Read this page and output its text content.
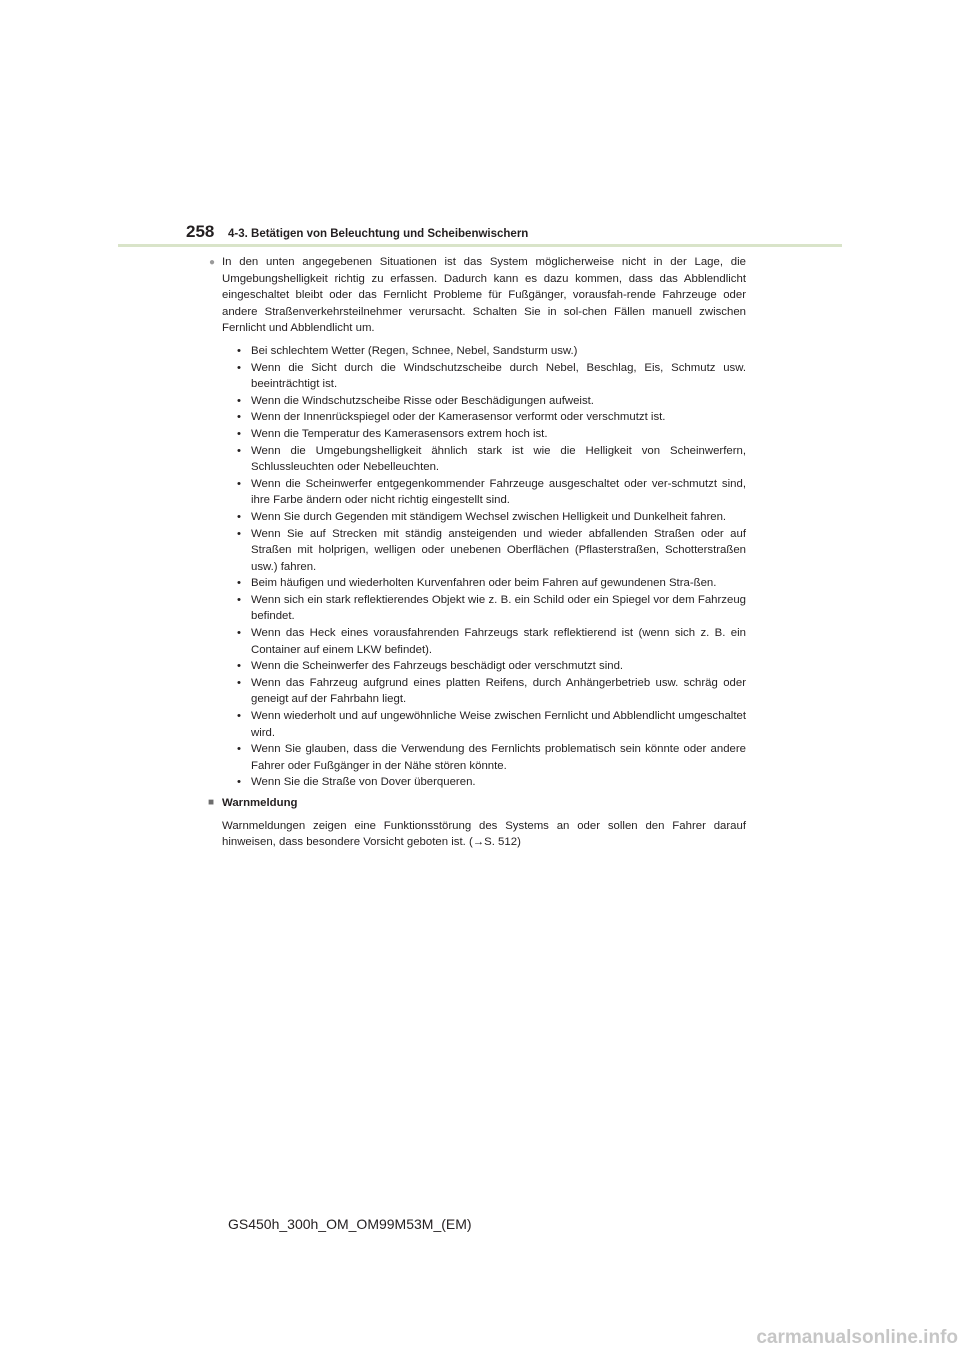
258 4-3. Betätigen von Beleuchtung und Scheibenwischern
● In den unten angegebenen Situationen ist das System möglicherweise nicht in der Lage, die Umgebungshelligkeit richtig zu erfassen. Dadurch kann es dazu kommen, dass das Abblendlicht eingeschaltet bleibt oder das Fernlicht Probleme für Fußgänger, vorausfah-rende Fahrzeuge oder andere Straßenverkehrsteilnehmer verursacht. Schalten Sie in sol-chen Fällen manuell zwischen Fernlicht und Abblendlicht um.
• Bei schlechtem Wetter (Regen, Schnee, Nebel, Sandsturm usw.)
• Wenn die Sicht durch die Windschutzscheibe durch Nebel, Beschlag, Eis, Schmutz usw. beeinträchtigt ist.
• Wenn die Windschutzscheibe Risse oder Beschädigungen aufweist.
• Wenn der Innenrückspiegel oder der Kamerasensor verformt oder verschmutzt ist.
• Wenn die Temperatur des Kamerasensors extrem hoch ist.
• Wenn die Umgebungshelligkeit ähnlich stark ist wie die Helligkeit von Scheinwerfern, Schlussleuchten oder Nebelleuchten.
• Wenn die Scheinwerfer entgegenkommender Fahrzeuge ausgeschaltet oder ver-schmutzt sind, ihre Farbe ändern oder nicht richtig eingestellt sind.
• Wenn Sie durch Gegenden mit ständigem Wechsel zwischen Helligkeit und Dunkelheit fahren.
• Wenn Sie auf Strecken mit ständig ansteigenden und wieder abfallenden Straßen oder auf Straßen mit holprigen, welligen oder unebenen Oberflächen (Pflasterstraßen, Schotterstraßen usw.) fahren.
• Beim häufigen und wiederholten Kurvenfahren oder beim Fahren auf gewundenen Stra-ßen.
• Wenn sich ein stark reflektierendes Objekt wie z. B. ein Schild oder ein Spiegel vor dem Fahrzeug befindet.
• Wenn das Heck eines vorausfahrenden Fahrzeugs stark reflektierend ist (wenn sich z. B. ein Container auf einem LKW befindet).
• Wenn die Scheinwerfer des Fahrzeugs beschädigt oder verschmutzt sind.
• Wenn das Fahrzeug aufgrund eines platten Reifens, durch Anhängerbetrieb usw. schräg oder geneigt auf der Fahrbahn liegt.
• Wenn wiederholt und auf ungewöhnliche Weise zwischen Fernlicht und Abblendlicht umgeschaltet wird.
• Wenn Sie glauben, dass die Verwendung des Fernlichts problematisch sein könnte oder andere Fahrer oder Fußgänger in der Nähe stören könnte.
• Wenn Sie die Straße von Dover überqueren.
■ Warnmeldung
Warnmeldungen zeigen eine Funktionsstörung des Systems an oder sollen den Fahrer darauf hinweisen, dass besondere Vorsicht geboten ist. (→S. 512)
GS450h_300h_OM_OM99M53M_(EM)
carmanualsonline.info
